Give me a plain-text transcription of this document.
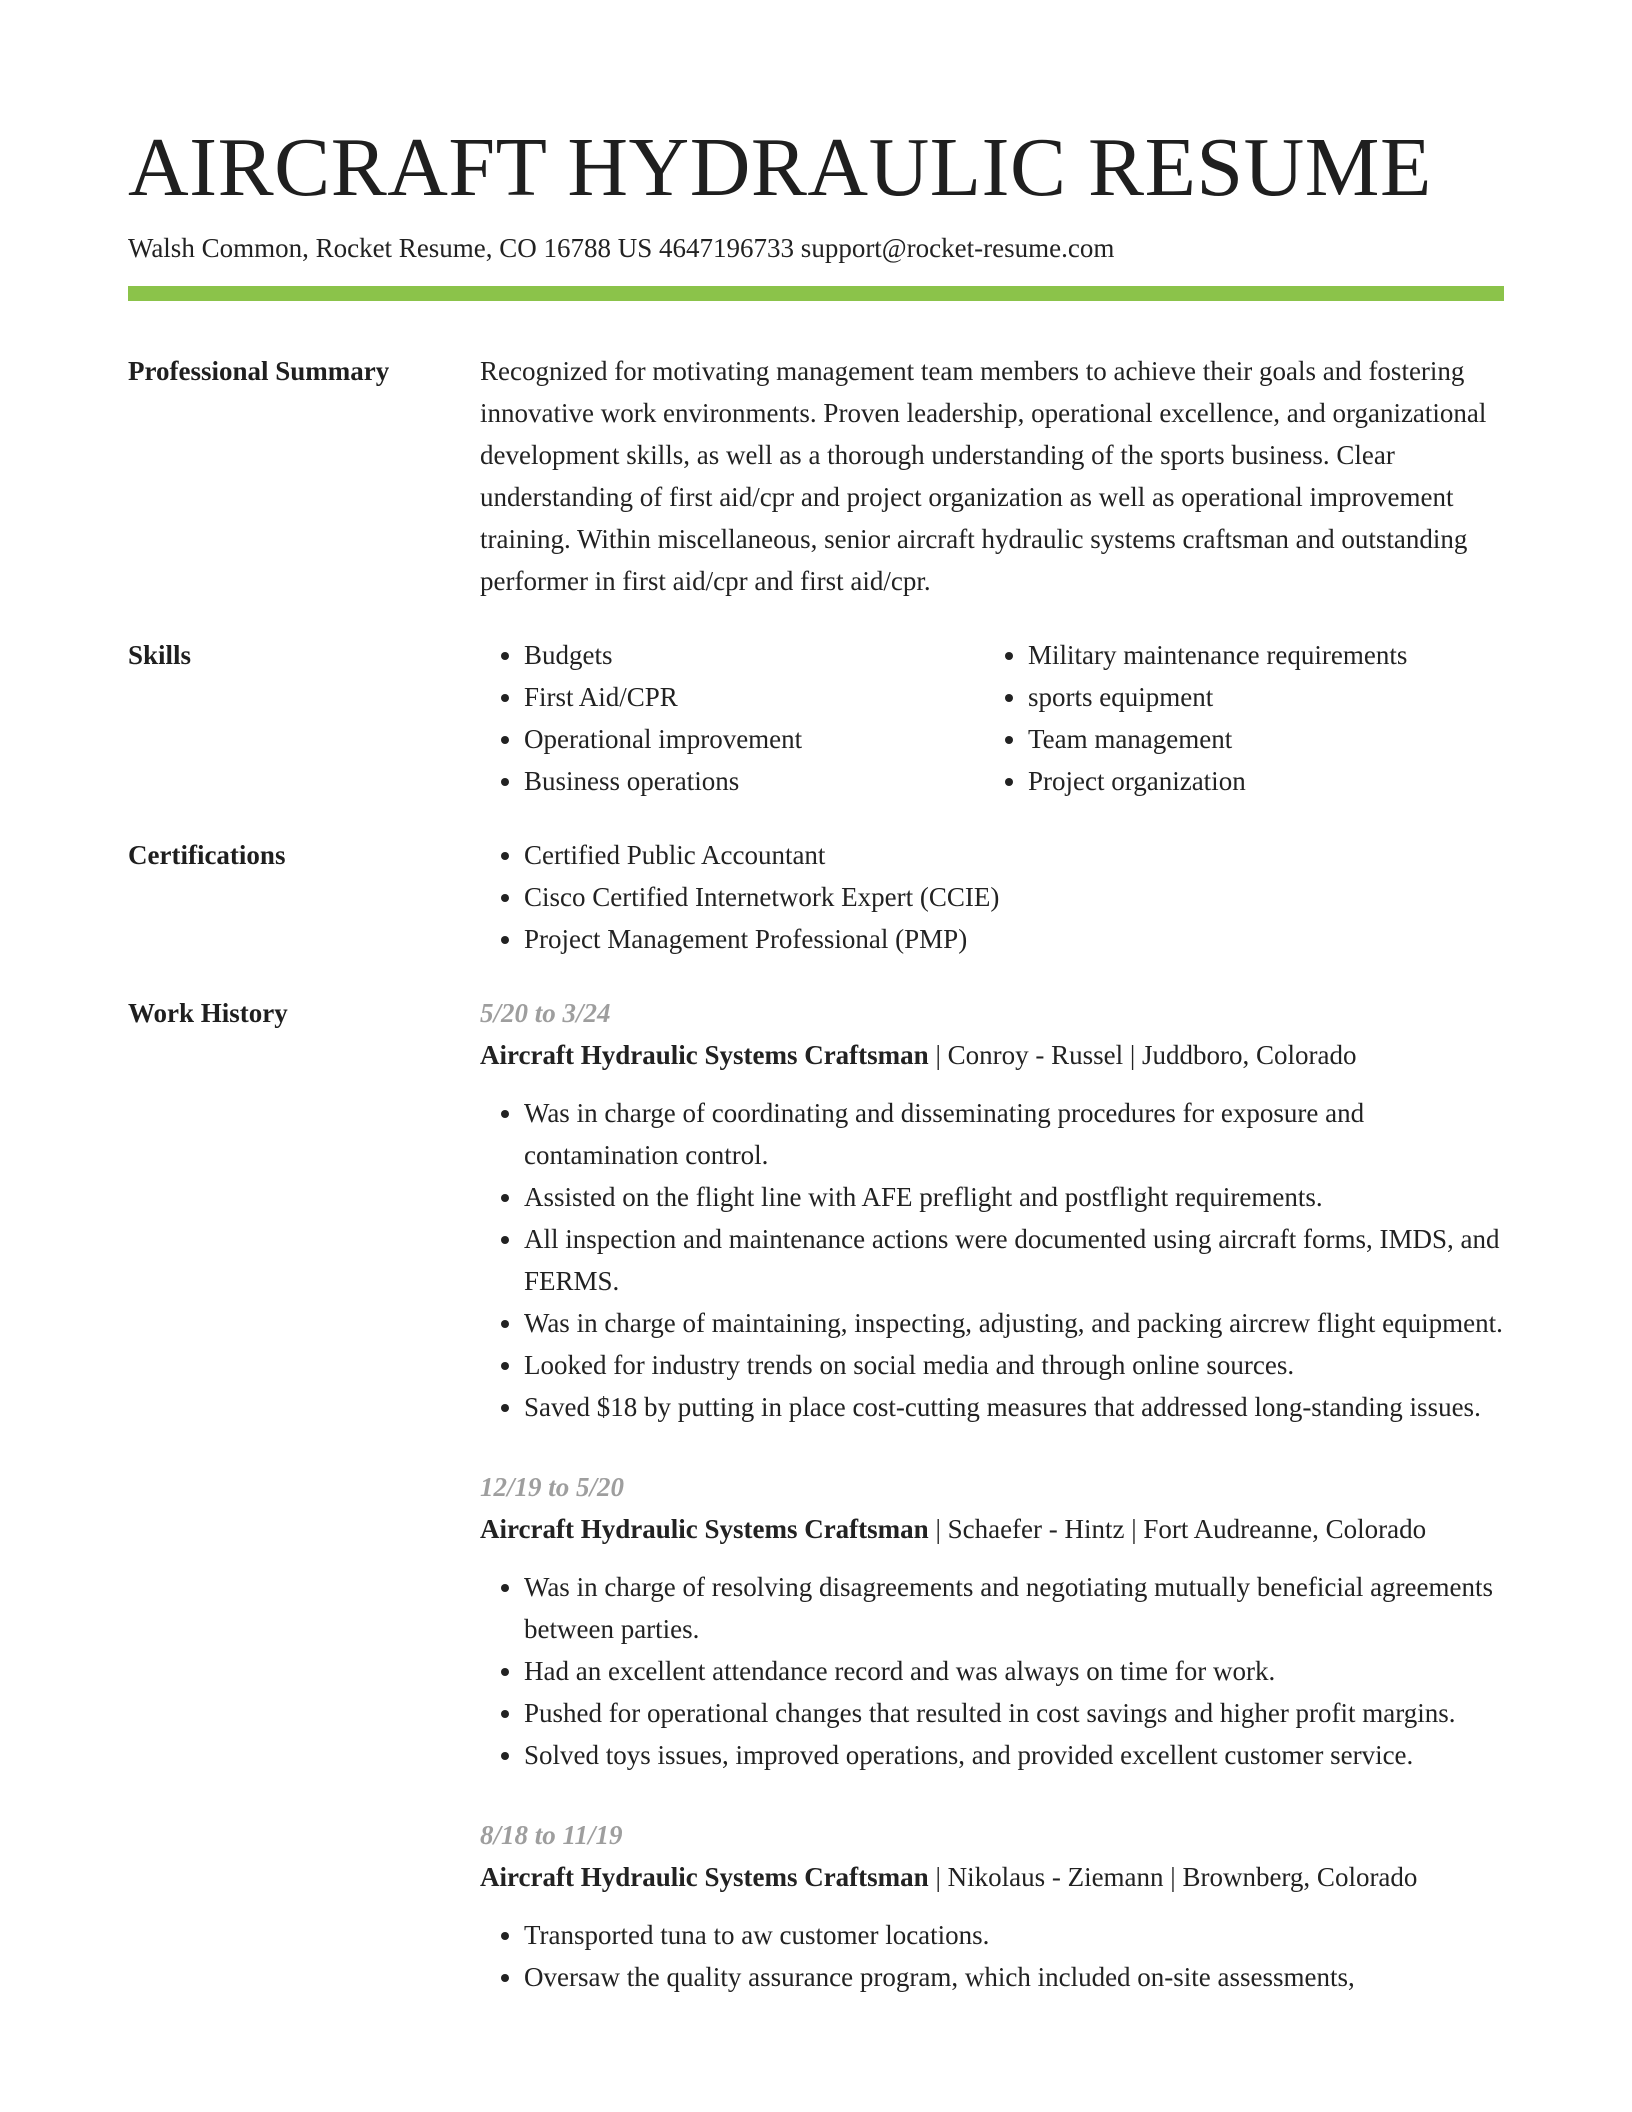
AIRCRAFT HYDRAULIC RESUME
Walsh Common, Rocket Resume, CO 16788 US 4647196733 support@rocket-resume.com
Professional Summary	Recognized for motivating management team members to achieve their goals and fostering innovative work environments. Proven leadership, operational excellence, and organizational development skills, as well as a thorough understanding of the sports business. Clear understanding of first aid/cpr and project organization as well as operational improvement training. Within miscellaneous, senior aircraft hydraulic systems craftsman and outstanding performer in first aid/cpr and first aid/cpr.

Skills	• Budgets
• First Aid/CPR
• Operational improvement
• Business operations
• Military maintenance requirements
• sports equipment
• Team management
• Project organization
Certifications	• Certified Public Accountant
• Cisco Certified Internetwork Expert (CCIE)
• Project Management Professional (PMP)
Work History	5/20 to 3/24
Aircraft Hydraulic Systems Craftsman | Conroy - Russel | Juddboro, Colorado
• Was in charge of coordinating and disseminating procedures for exposure and contamination control.
• Assisted on the flight line with AFE preflight and postflight requirements.
• All inspection and maintenance actions were documented using aircraft forms, IMDS, and FERMS.
• Was in charge of maintaining, inspecting, adjusting, and packing aircrew flight equipment.
• Looked for industry trends on social media and through online sources.
• Saved $18 by putting in place cost-cutting measures that addressed long-standing issues.
12/19 to 5/20
Aircraft Hydraulic Systems Craftsman | Schaefer - Hintz | Fort Audreanne, Colorado
• Was in charge of resolving disagreements and negotiating mutually beneficial agreements between parties.
• Had an excellent attendance record and was always on time for work.
• Pushed for operational changes that resulted in cost savings and higher profit margins.
• Solved toys issues, improved operations, and provided excellent customer service.
8/18 to 11/19
Aircraft Hydraulic Systems Craftsman | Nikolaus - Ziemann | Brownberg, Colorado
• Transported tuna to aw customer locations.
• Oversaw the quality assurance program, which included on-site assessments,
